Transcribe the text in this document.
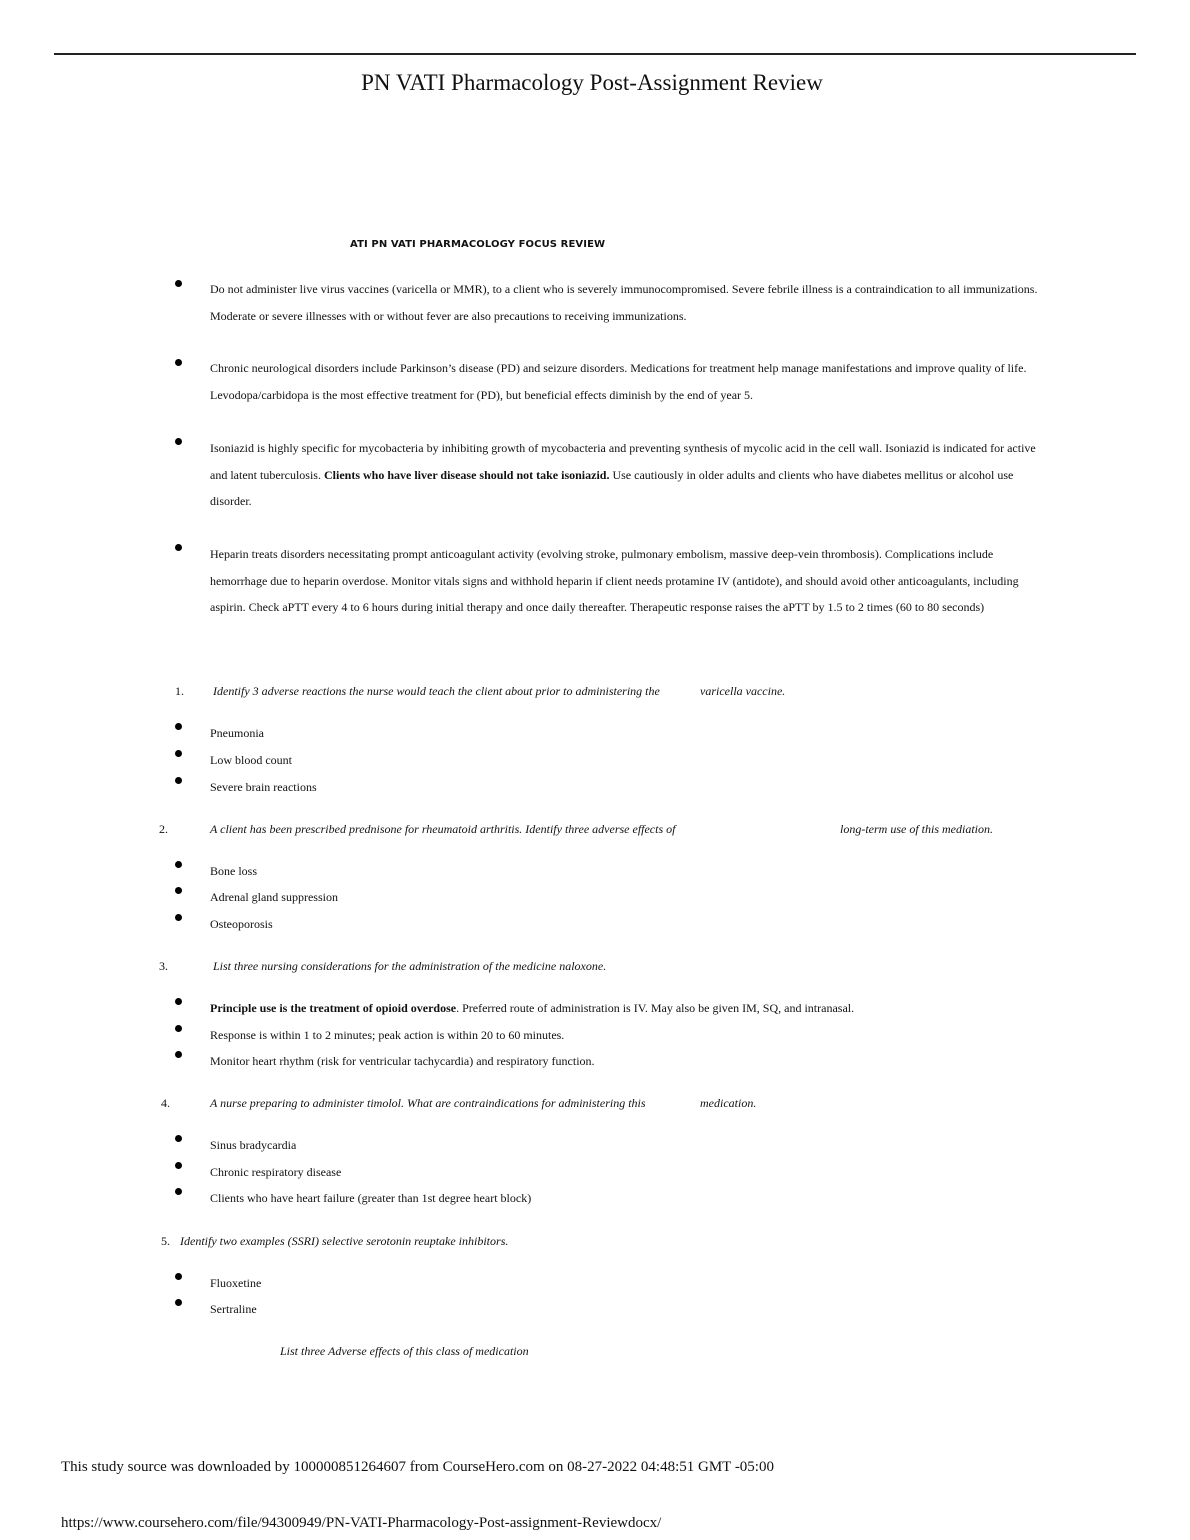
PN VATI Pharmacology Post-Assignment Review
ATI PN VATI PHARMACOLOGY FOCUS REVIEW
Do not administer live virus vaccines (varicella or MMR), to a client who is severely immunocompromised. Severe febrile illness is a contraindication to all immunizations. Moderate or severe illnesses with or without fever are also precautions to receiving immunizations.
Chronic neurological disorders include Parkinson’s disease (PD) and seizure disorders. Medications for treatment help manage manifestations and improve quality of life. Levodopa/carbidopa is the most effective treatment for (PD), but beneficial effects diminish by the end of year 5.
Isoniazid is highly specific for mycobacteria by inhibiting growth of mycobacteria and preventing synthesis of mycolic acid in the cell wall. Isoniazid is indicated for active and latent tuberculosis. Clients who have liver disease should not take isoniazid. Use cautiously in older adults and clients who have diabetes mellitus or alcohol use disorder.
Heparin treats disorders necessitating prompt anticoagulant activity (evolving stroke, pulmonary embolism, massive deep-vein thrombosis). Complications include hemorrhage due to heparin overdose. Monitor vitals signs and withhold heparin if client needs protamine IV (antidote), and should avoid other anticoagulants, including aspirin. Check aPTT every 4 to 6 hours during initial therapy and once daily thereafter. Therapeutic response raises the aPTT by 1.5 to 2 times (60 to 80 seconds)
1. Identify 3 adverse reactions the nurse would teach the client about prior to administering the	varicella vaccine.
Pneumonia
Low blood count
Severe brain reactions
2.	A client has been prescribed prednisone for rheumatoid arthritis. Identify three adverse effects of	long-term use of this mediation.
Bone loss
Adrenal gland suppression
Osteoporosis
3.	List three nursing considerations for the administration of the medicine naloxone.
Principle use is the treatment of opioid overdose. Preferred route of administration is IV. May also be given IM, SQ, and intranasal.
Response is within 1 to 2 minutes; peak action is within 20 to 60 minutes.
Monitor heart rhythm (risk for ventricular tachycardia) and respiratory function.
4.	A nurse preparing to administer timolol. What are contraindications for administering this	medication.
Sinus bradycardia
Chronic respiratory disease
Clients who have heart failure (greater than 1st degree heart block)
5. Identify two examples (SSRI) selective serotonin reuptake inhibitors.
Fluoxetine
Sertraline
List three Adverse effects of this class of medication
This study source was downloaded by 100000851264607 from CourseHero.com on 08-27-2022 04:48:51 GMT -05:00
https://www.coursehero.com/file/94300949/PN-VATI-Pharmacology-Post-assignment-Reviewdocx/
